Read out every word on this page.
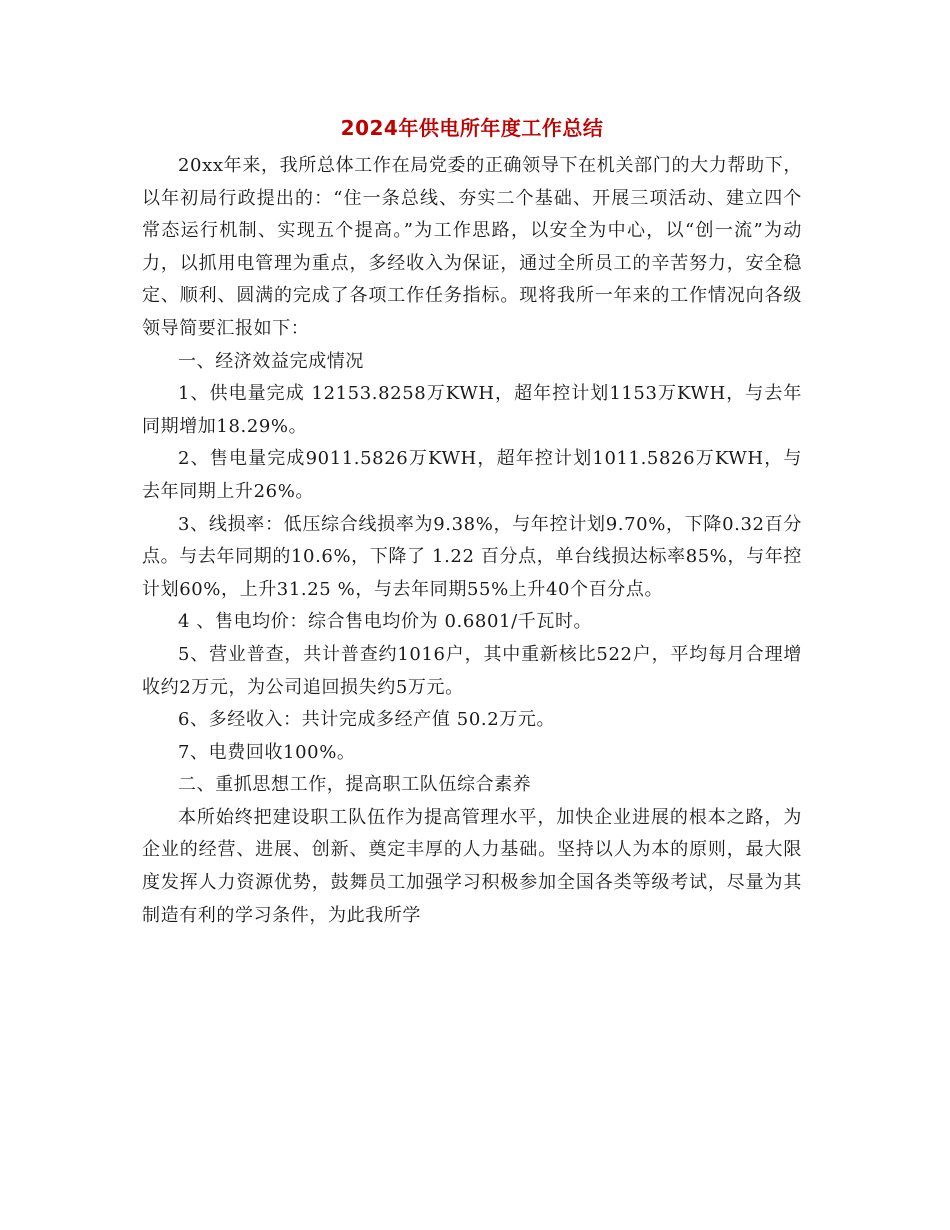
2024年供电所年度工作总结

20xx年来，我所总体工作在局党委的正确领导下在机关部门的大力帮助下，以年初局行政提出的：“住一条总线、夯实二个基础、开展三项活动、建立四个常态运行机制、实现五个提高。”为工作思路，以安全为中心，以“创一流”为动力，以抓用电管理为重点，多经收入为保证，通过全所员工的辛苦努力，安全稳定、顺利、圆满的完成了各项工作任务指标。现将我所一年来的工作情况向各级领导简要汇报如下：

一、经济效益完成情况

1、供电量完成 12153.8258万KWH，超年控计划1153万KWH，与去年同期增加18.29%。

2、售电量完成9011.5826万KWH，超年控计划1011.5826万KWH，与去年同期上升26%。

3、线损率：低压综合线损率为9.38%，与年控计划9.70%，下降0.32百分点。与去年同期的10.6%，下降了 1.22 百分点，单台线损达标率85%，与年控计划60%，上升31.25 %，与去年同期55%上升40个百分点。

4 、售电均价：综合售电均价为 0.6801/千瓦时。

5、营业普查，共计普查约1016户，其中重新核比522户，平均每月合理增收约2万元，为公司追回损失约5万元。

6、多经收入：共计完成多经产值 50.2万元。

7、电费回收100%。

二、重抓思想工作，提高职工队伍综合素养

本所始终把建设职工队伍作为提高管理水平，加快企业进展的根本之路，为企业的经营、进展、创新、奠定丰厚的人力基础。坚持以人为本的原则，最大限度发挥人力资源优势，鼓舞员工加强学习积极参加全国各类等级考试，尽量为其制造有利的学习条件，为此我所学
